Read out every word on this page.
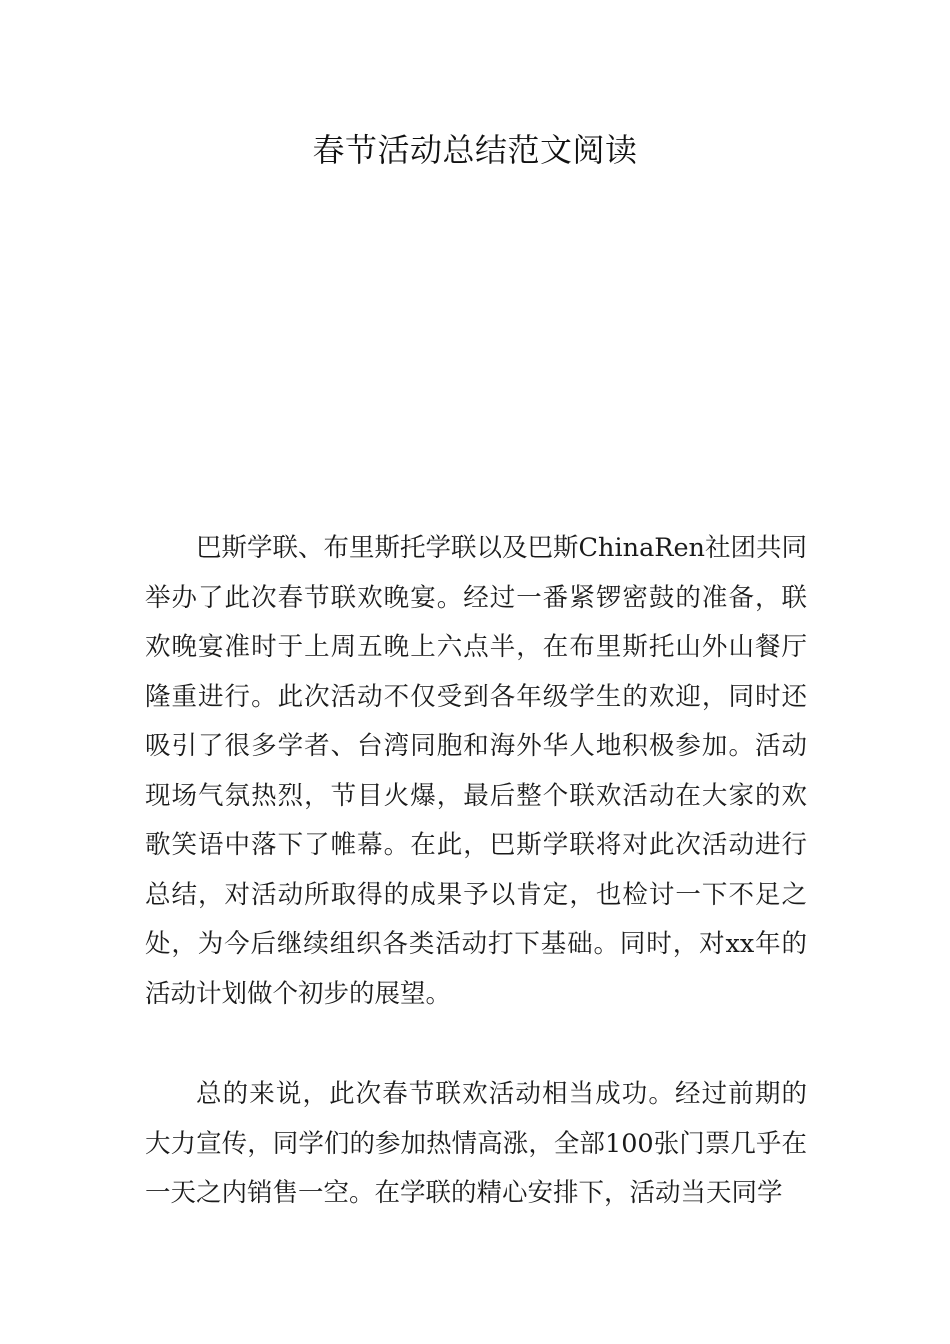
春节活动总结范文阅读

巴斯学联、布里斯托学联以及巴斯ChinaRen社团共同举办了此次春节联欢晚宴。经过一番紧锣密鼓的准备，联欢晚宴准时于上周五晚上六点半，在布里斯托山外山餐厅隆重进行。此次活动不仅受到各年级学生的欢迎，同时还吸引了很多学者、台湾同胞和海外华人地积极参加。活动现场气氛热烈，节目火爆，最后整个联欢活动在大家的欢歌笑语中落下了帷幕。在此，巴斯学联将对此次活动进行总结，对活动所取得的成果予以肯定，也检讨一下不足之处，为今后继续组织各类活动打下基础。同时，对xx年的活动计划做个初步的展望。

总的来说，此次春节联欢活动相当成功。经过前期的大力宣传，同学们的参加热情高涨，全部100张门票几乎在一天之内销售一空。在学联的精心安排下，活动当天同学
